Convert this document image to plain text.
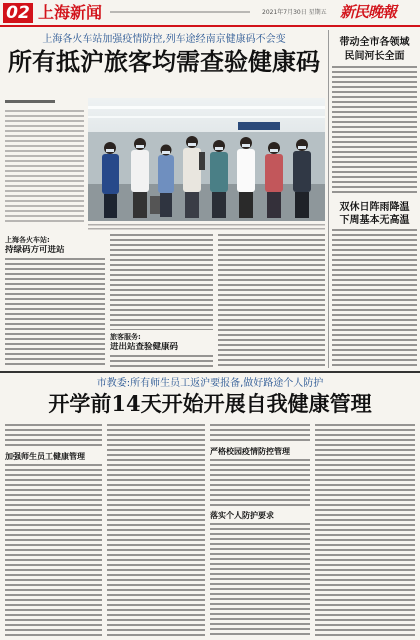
02 上海新闻	2021年7月30日 星期五 新民晚報
上海各火车站加强疫情防控,列车途经南京健康码不会变
所有抵沪旅客均需查验健康码
上海各火车站:
持绿码方可进站
旅客服务:
进出站查验健康码
带动全市各领域
民间河长全面
双休日阵雨降温
下周基本无高温
市教委:所有师生员工返沪要报备,做好路途个人防护
开学前14天开始开展自我健康管理
加强师生员工健康管理
严格校园疫情防控管理
落实个人防护要求
